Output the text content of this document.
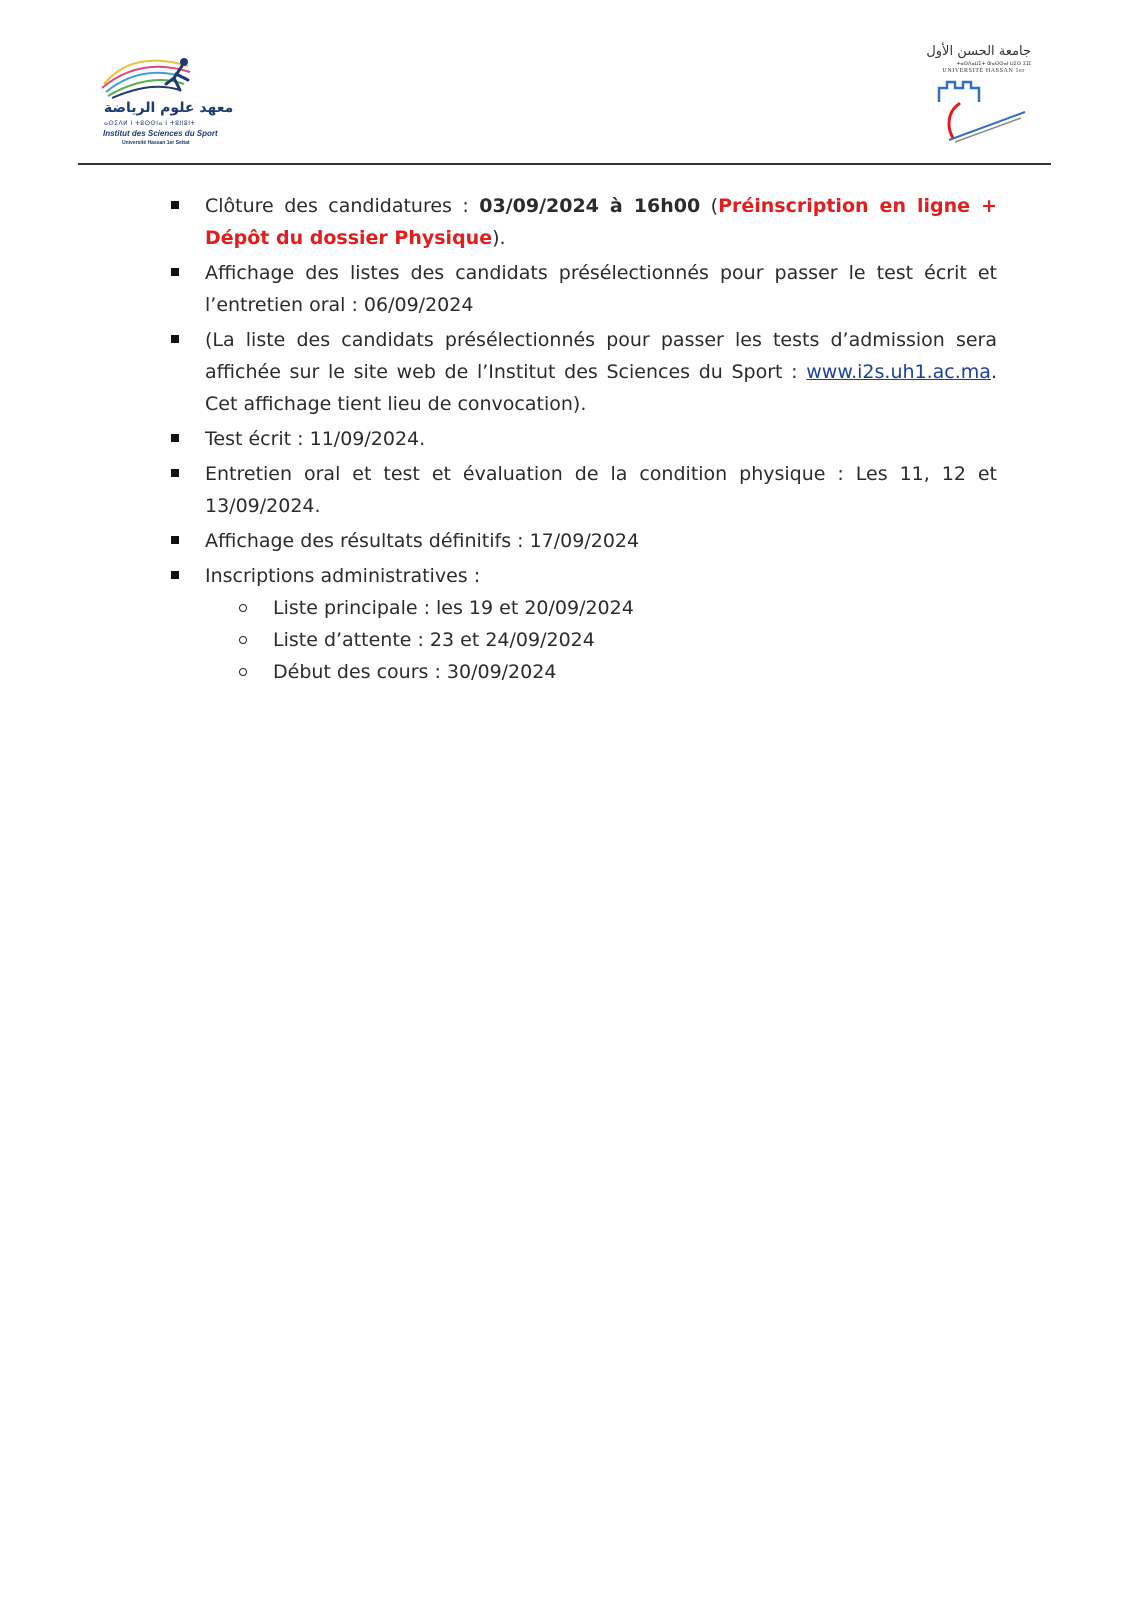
معهد علوم الرياضة
ⴰⵙⵉⴷⵍ ⵏ ⵜⵓⵙⵙⵏⴰ ⵏ ⵜⵓⵏⵏⵓⵏⵜ
Institut des Sciences du Sport
Université Hassan 1er Settat
جامعة الحسن الأول
ⵜⴰⵙⴷⴰⵡⵉⵜ ⵀⴰⵙⵙⴰⵏ ⵡⵉⵙ ⵉⵊⵊ
UNIVERSITÉ HASSAN 1er
Clôture des candidatures : 03/09/2024 à 16h00 (Préinscription en ligne + Dépôt du dossier Physique).
Affichage des listes des candidats présélectionnés pour passer le test écrit et l’entretien oral : 06/09/2024
(La liste des candidats présélectionnés pour passer les tests d’admission sera affichée sur le site web de l’Institut des Sciences du Sport : www.i2s.uh1.ac.ma. Cet affichage tient lieu de convocation).
Test écrit : 11/09/2024.
Entretien oral et test et évaluation de la condition physique : Les 11, 12 et 13/09/2024.
Affichage des résultats définitifs : 17/09/2024
Inscriptions administratives :
Liste principale : les 19 et 20/09/2024
Liste d’attente : 23 et 24/09/2024
Début des cours : 30/09/2024
